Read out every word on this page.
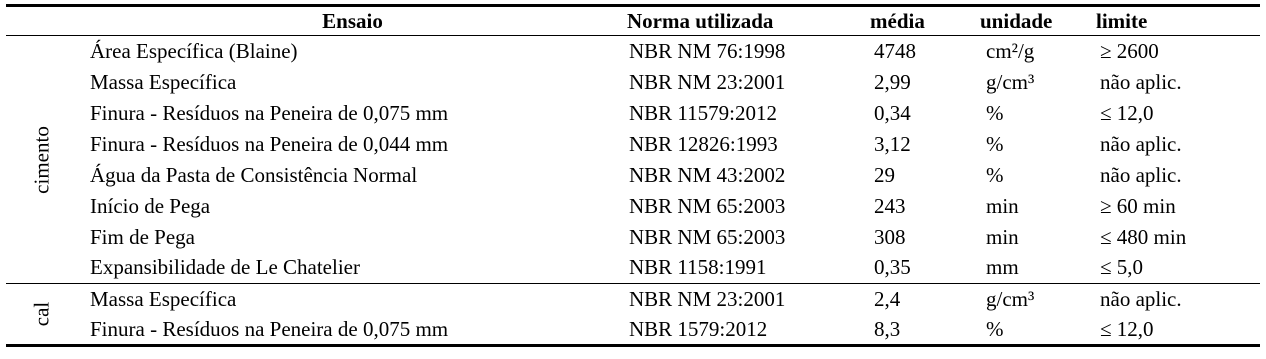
	Ensaio	Norma utilizada	média	unidade	limite

cimento	Área Específica (Blaine)	NBR NM 76:1998	4748	cm²/g	≥ 2600
	Massa Específica	NBR NM 23:2001	2,99	g/cm³	não aplic.
	Finura - Resíduos na Peneira de 0,075 mm	NBR 11579:2012	0,34	%	≤ 12,0
	Finura - Resíduos na Peneira de 0,044 mm	NBR 12826:1993	3,12	%	não aplic.
	Água da Pasta de Consistência Normal	NBR NM 43:2002	29	%	não aplic.
	Início de Pega	NBR NM 65:2003	243	min	≥ 60 min
	Fim de Pega	NBR NM 65:2003	308	min	≤ 480 min
	Expansibilidade de Le Chatelier	NBR 1158:1991	0,35	mm	≤ 5,0

cal	Massa Específica	NBR NM 23:2001	2,4	g/cm³	não aplic.
	Finura - Resíduos na Peneira de 0,075 mm	NBR 1579:2012	8,3	%	≤ 12,0
